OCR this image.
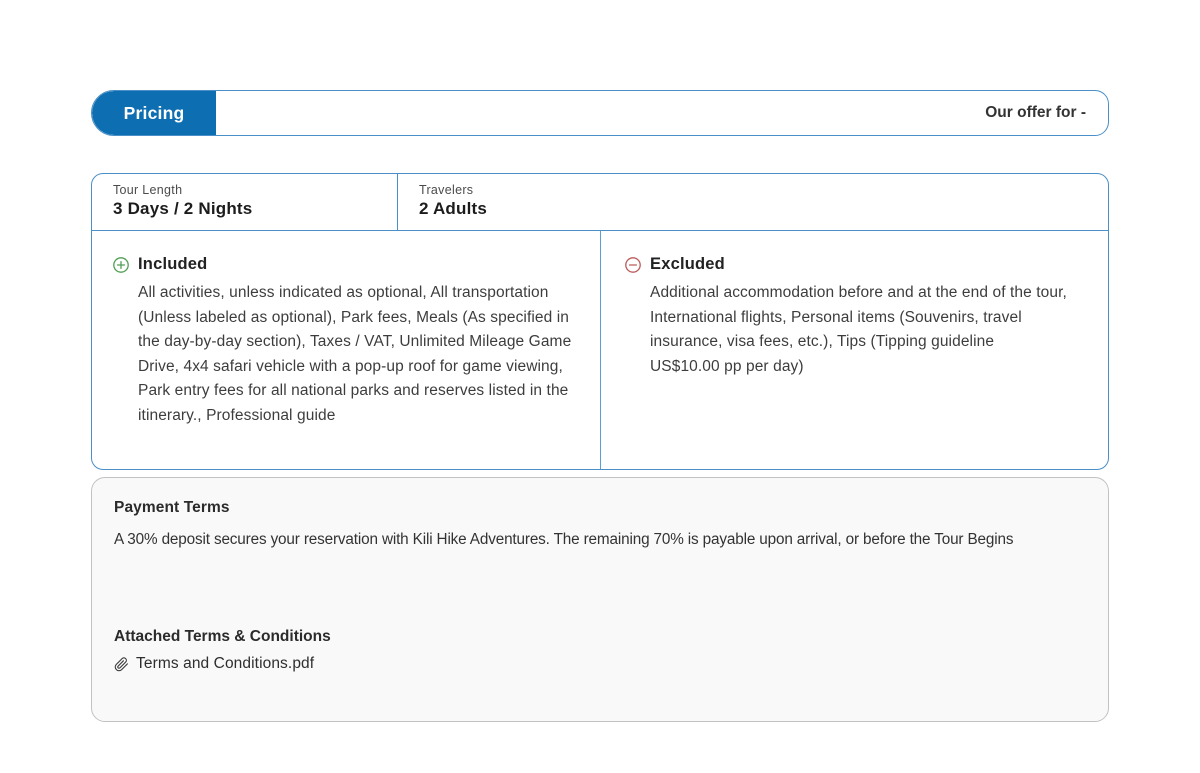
Pricing	Our offer for -
Tour Length
3 Days / 2 Nights
Travelers
2 Adults
Included
All activities, unless indicated as optional, All transportation (Unless labeled as optional), Park fees, Meals (As specified in the day-by-day section), Taxes / VAT, Unlimited Mileage Game Drive, 4x4 safari vehicle with a pop-up roof for game viewing, Park entry fees for all national parks and reserves listed in the itinerary., Professional guide
Excluded
Additional accommodation before and at the end of the tour, International flights, Personal items (Souvenirs, travel insurance, visa fees, etc.), Tips (Tipping guideline US$10.00 pp per day)
Payment Terms
A 30% deposit secures your reservation with Kili Hike Adventures. The remaining 70% is payable upon arrival, or before the Tour Begins
Attached Terms & Conditions
Terms and Conditions.pdf
